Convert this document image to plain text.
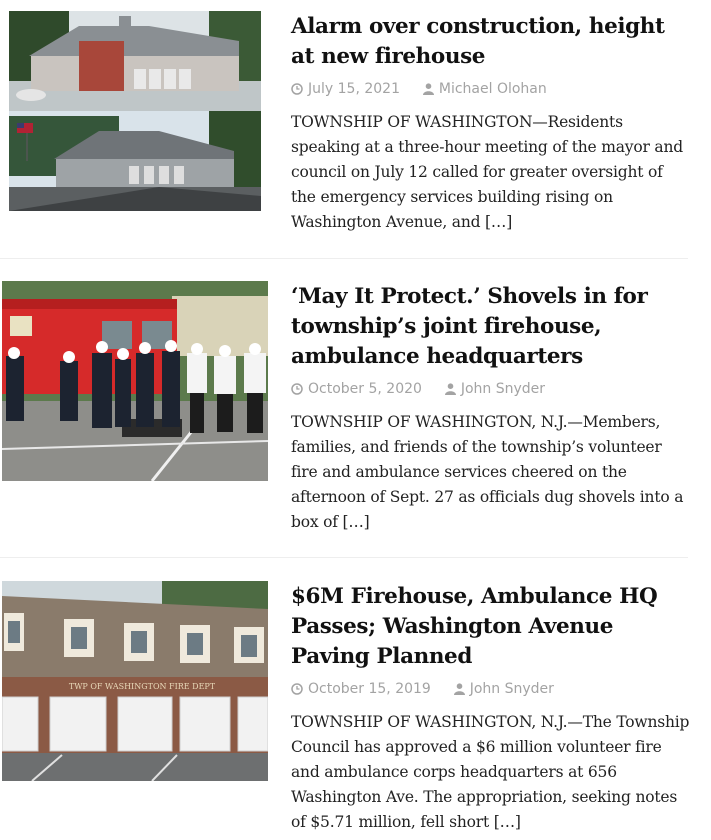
Alarm over construction, height at new firehouse
July 15, 2021	Michael Olohan
TOWNSHIP OF WASHINGTON—Residents speaking at a three-hour meeting of the mayor and council on July 12 called for greater oversight of the emergency services building rising on Washington Avenue, and […]
‘May It Protect.’ Shovels in for township’s joint firehouse, ambulance headquarters
October 5, 2020	John Snyder
TOWNSHIP OF WASHINGTON, N.J.—Members, families, and friends of the township’s volunteer fire and ambulance services cheered on the afternoon of Sept. 27 as officials dug shovels into a box of […]
TWP OF WASHINGTON FIRE DEPT
$6M Firehouse, Ambulance HQ Passes; Washington Avenue Paving Planned
October 15, 2019	John Snyder
TOWNSHIP OF WASHINGTON, N.J.—The Township Council has approved a $6 million volunteer fire and ambulance corps headquarters at 656 Washington Ave. The appropriation, seeking notes of $5.71 million, fell short […]
